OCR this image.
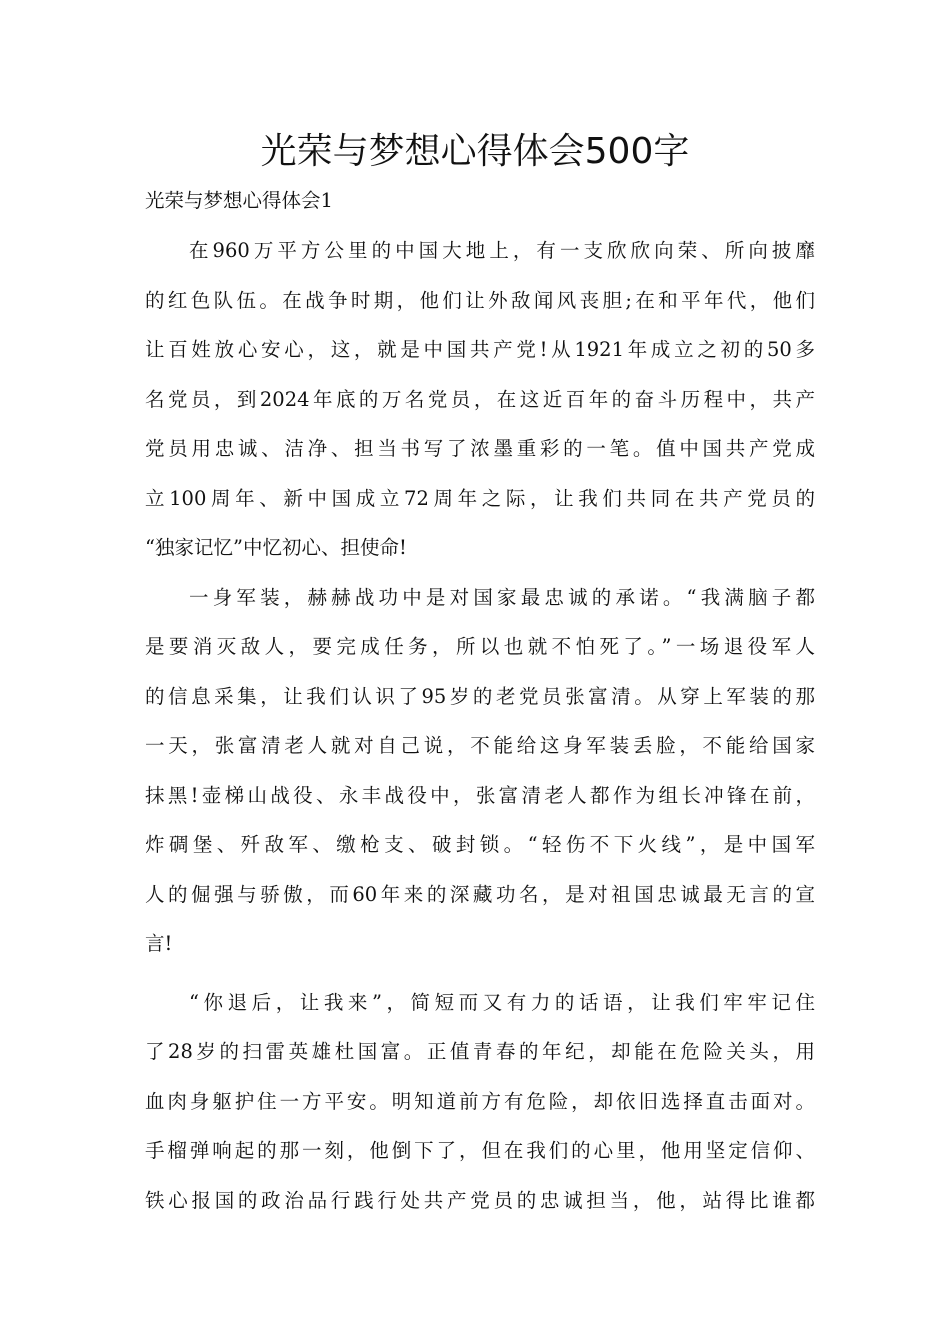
光荣与梦想心得体会500字

光荣与梦想心得体会1

在960万平方公里的中国大地上，有一支欣欣向荣、所向披靡
的红色队伍。在战争时期，他们让外敌闻风丧胆;在和平年代，他们
让百姓放心安心，这，就是中国共产党!从1921年成立之初的50多
名党员，到2024年底的万名党员，在这近百年的奋斗历程中，共产
党员用忠诚、洁净、担当书写了浓墨重彩的一笔。值中国共产党成
立100周年、新中国成立72周年之际，让我们共同在共产党员的
“独家记忆”中忆初心、担使命!

一身军装，赫赫战功中是对国家最忠诚的承诺。“我满脑子都
是要消灭敌人，要完成任务，所以也就不怕死了。”一场退役军人
的信息采集，让我们认识了95岁的老党员张富清。从穿上军装的那
一天，张富清老人就对自己说，不能给这身军装丢脸，不能给国家
抹黑!壶梯山战役、永丰战役中，张富清老人都作为组长冲锋在前，
炸碉堡、歼敌军、缴枪支、破封锁。“轻伤不下火线”，是中国军
人的倔强与骄傲，而60年来的深藏功名，是对祖国忠诚最无言的宣
言!

“你退后，让我来”，简短而又有力的话语，让我们牢牢记住
了28岁的扫雷英雄杜国富。正值青春的年纪，却能在危险关头，用
血肉身躯护住一方平安。明知道前方有危险，却依旧选择直击面对。
手榴弹响起的那一刻，他倒下了，但在我们的心里，他用坚定信仰、
铁心报国的政治品行践行处共产党员的忠诚担当，他，站得比谁都
